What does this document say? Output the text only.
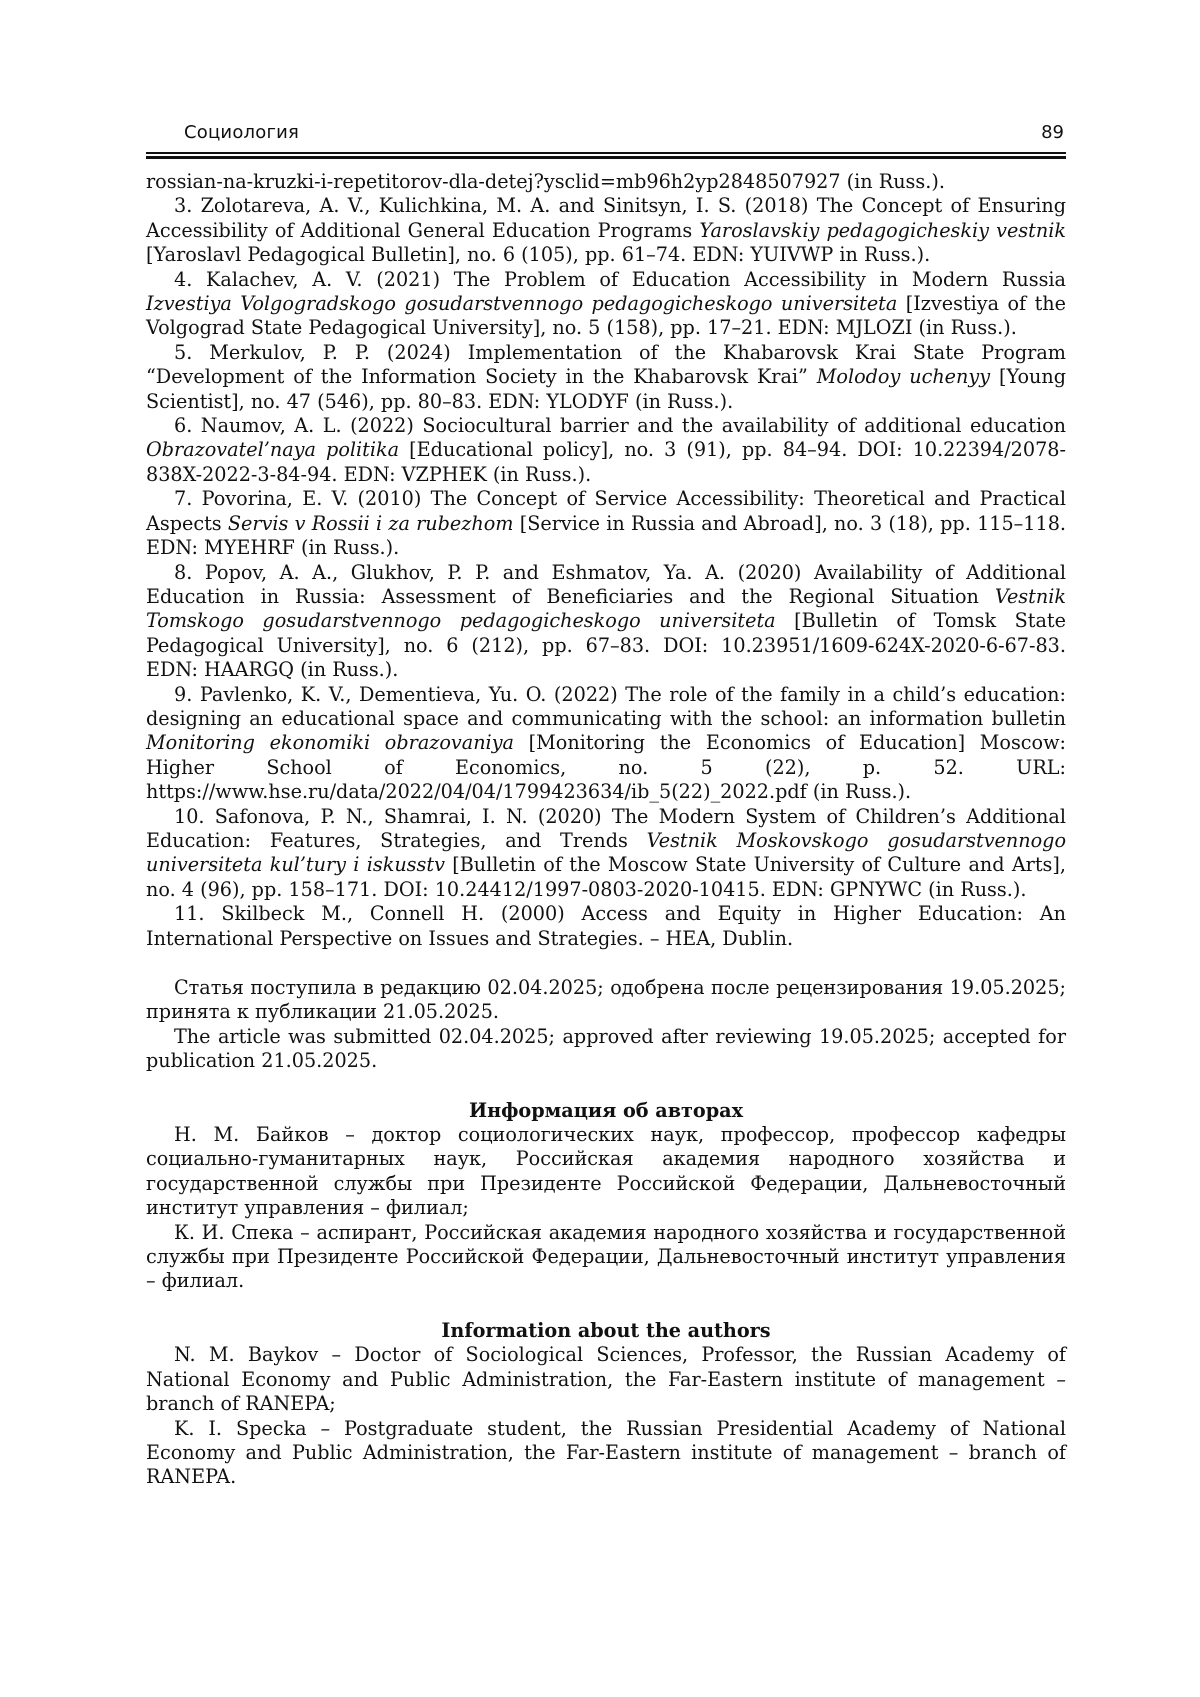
Социология	89

rossian-na-kruzki-i-repetitorov-dla-detej?ysclid=mb96h2yp2848507927 (in Russ.).

3. Zolotareva, A. V., Kulichkina, M. A. and Sinitsyn, I. S. (2018) The Concept of Ensuring Accessibility of Additional General Education Programs Yaroslavskiy pedagogicheskiy vestnik [Yaroslavl Pedagogical Bulletin], no. 6 (105), pp. 61–74. EDN: YUIVWP in Russ.).

4. Kalachev, A. V. (2021) The Problem of Education Accessibility in Modern Russia Izvestiya Volgogradskogo gosudarstvennogo pedagogicheskogo universiteta [Izvestiya of the Volgograd State Pedagogical University], no. 5 (158), pp. 17–21. EDN: MJLOZI (in Russ.).

5. Merkulov, P. P. (2024) Implementation of the Khabarovsk Krai State Program “Development of the Information Society in the Khabarovsk Krai” Molodoy uchenyy [Young Scientist], no. 47 (546), pp. 80–83. EDN: YLODYF (in Russ.).

6. Naumov, A. L. (2022) Sociocultural barrier and the availability of additional education Obrazovatel’naya politika [Educational policy], no. 3 (91), pp. 84–94. DOI: 10.22394/2078-838X-2022-3-84-94. EDN: VZPHEK (in Russ.).

7. Povorina, E. V. (2010) The Concept of Service Accessibility: Theoretical and Practical Aspects Servis v Rossii i za rubezhom [Service in Russia and Abroad], no. 3 (18), pp. 115–118. EDN: MYEHRF (in Russ.).

8. Popov, A. A., Glukhov, P. P. and Eshmatov, Ya. A. (2020) Availability of Additional Education in Russia: Assessment of Beneficiaries and the Regional Situation Vestnik Tomskogo gosudarstvennogo pedagogicheskogo universiteta [Bulletin of Tomsk State Pedagogical University], no. 6 (212), pp. 67–83. DOI: 10.23951/1609-624X-2020-6-67-83. EDN: HAARGQ (in Russ.).

9. Pavlenko, K. V., Dementieva, Yu. O. (2022) The role of the family in a child’s education: designing an educational space and communicating with the school: an information bulletin Monitoring ekonomiki obrazovaniya [Monitoring the Economics of Education] Moscow: Higher School of Economics, no. 5 (22), p. 52. URL: https://www.hse.ru/data/2022/04/04/1799423634/ib_5(22)_2022.pdf (in Russ.).

10. Safonova, P. N., Shamrai, I. N. (2020) The Modern System of Children’s Additional Education: Features, Strategies, and Trends Vestnik Moskovskogo gosudarstvennogo universiteta kul’tury i iskusstv [Bulletin of the Moscow State University of Culture and Arts], no. 4 (96), pp. 158–171. DOI: 10.24412/1997-0803-2020-10415. EDN: GPNYWC (in Russ.).

11. Skilbeck M., Connell H. (2000) Access and Equity in Higher Education: An International Perspective on Issues and Strategies. – HEA, Dublin.

Статья поступила в редакцию 02.04.2025; одобрена после рецензирования 19.05.2025; принята к публикации 21.05.2025.

The article was submitted 02.04.2025; approved after reviewing 19.05.2025; accepted for publication 21.05.2025.

Информация об авторах

Н. М. Байков – доктор социологических наук, профессор, профессор кафедры социально-гуманитарных наук, Российская академия народного хозяйства и государственной службы при Президенте Российской Федерации, Дальневосточный институт управления – филиал;

К. И. Спека – аспирант, Российская академия народного хозяйства и государственной службы при Президенте Российской Федерации, Дальневосточный институт управления – филиал.

Information about the authors

N. M. Baykov – Doctor of Sociological Sciences, Professor, the Russian Academy of National Economy and Public Administration, the Far-Eastern institute of management – branch of RANEPA;

K. I. Specka – Postgraduate student, the Russian Presidential Academy of National Economy and Public Administration, the Far-Eastern institute of management – branch of RANEPA.
